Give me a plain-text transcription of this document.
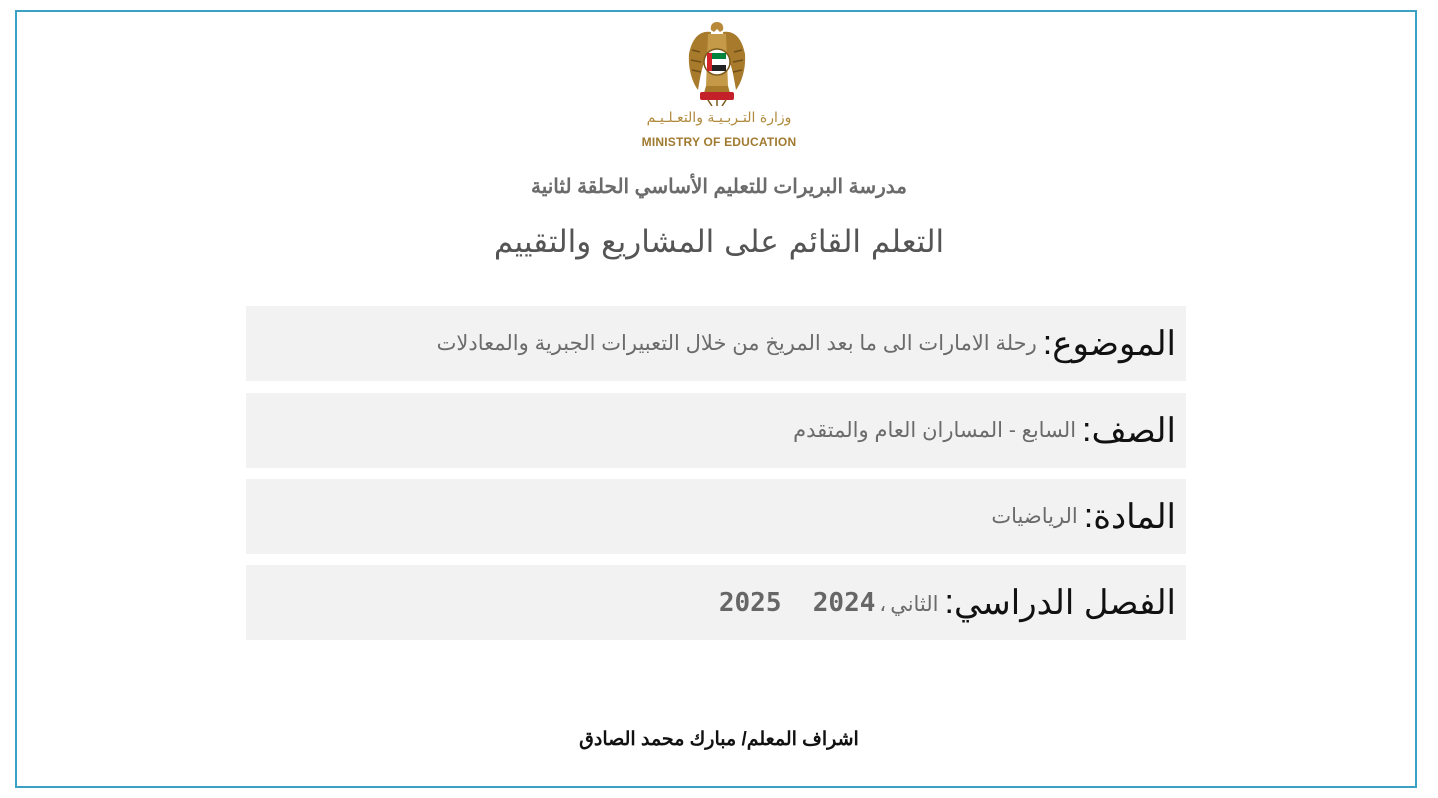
وزارة التـربـيـة والتعـلـيـم
MINISTRY OF EDUCATION
مدرسة البريرات للتعليم الأساسي الحلقة لثانية
التعلم القائم على المشاريع والتقييم
الموضوع
:
رحلة الامارات الى ما بعد المريخ من خلال التعبيرات الجبرية والمعادلات
الصف
:
السابع - المساران العام والمتقدم
المادة
:
الرياضيات
الفصل الدراسي
:
الثاني،2025  2024
اشراف المعلم/ مبارك محمد الصادق
